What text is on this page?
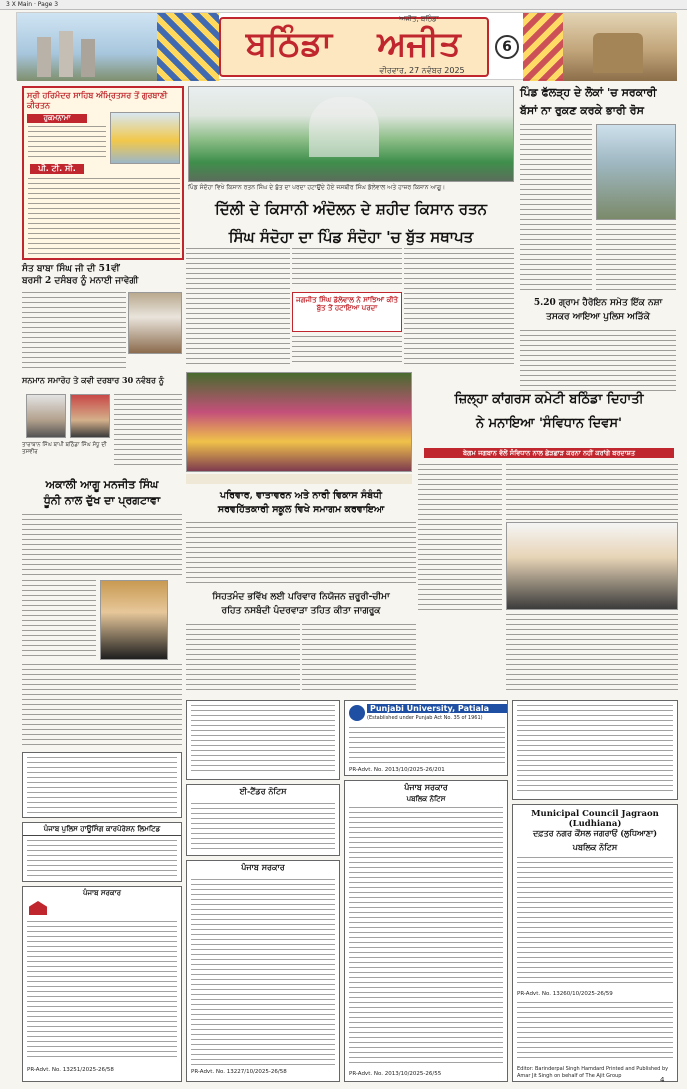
3 X Main · Page 3
ਬਠਿੰਡਾ	ਅਜੀਤ
ਅਜੀਤ, ਬਠਿੰਡਾ
ਵੀਰਵਾਰ, 27 ਨਵੰਬਰ 2025
6
ਸ੍ਰੀ ਹਰਿਮੰਦਰ ਸਾਹਿਬ ਅੰਮ੍ਰਿਤਸਰ ਤੋਂ ਗੁਰਬਾਣੀ ਕੀਰਤਨ
ਹੁਕਮਨਾਮਾ
ਪੀ. ਟੀ. ਸੀ.
ਪਿੰਡ ਸੰਦੋਹਾ ਵਿਖੇ ਕਿਸਾਨ ਰਤਨ ਸਿੰਘ ਦੇ ਬੁੱਤ ਦਾ ਪਰਦਾ ਹਟਾਉਂਦੇ ਹੋਏ ਜਸਬੀਰ ਸਿੰਘ ਡੱਲੇਵਾਲ ਅਤੇ ਹਾਜ਼ਰ ਕਿਸਾਨ ਆਗੂ।
ਦਿੱਲੀ ਦੇ ਕਿਸਾਨੀ ਅੰਦੋਲਨ ਦੇ ਸ਼ਹੀਦ ਕਿਸਾਨ ਰਤਨ
ਸਿੰਘ ਸੰਦੋਹਾ ਦਾ ਪਿੰਡ ਸੰਦੋਹਾ 'ਚ ਬੁੱਤ ਸਥਾਪਤ
ਪਿੰਡ ਫੱਲੜ੍ਹ ਦੇ ਲੋਕਾਂ 'ਚ ਸਰਕਾਰੀ
ਬੱਸਾਂ ਨਾ ਰੁਕਣ ਕਰਕੇ ਭਾਰੀ ਰੋਸ
5.20 ਗ੍ਰਾਮ ਹੈਰੋਇਨ ਸਮੇਤ ਇੱਕ ਨਸ਼ਾ
ਤਸਕਰ ਆਇਆ ਪੁਲਿਸ ਅੜਿੱਕੇ
ਸੰਤ ਬਾਬਾ ਸਿੰਘ ਜੀ ਦੀ 51ਵੀਂ
ਬਰਸੀ 2 ਦਸੰਬਰ ਨੂੰ ਮਨਾਈ ਜਾਵੇਗੀ
ਸਨਮਾਨ ਸਮਾਰੋਹ ਤੇ ਕਵੀ ਦਰਬਾਰ 30 ਨਵੰਬਰ ਨੂੰ
ਤਾਰਾਬਾਨ ਸਿੰਘ ਬਾਪੀ ਬਠਿੰਡਾ ਸਿੰਘ ਸੰਧੂ ਦੀ ਤਸਵੀਰ
ਅਕਾਲੀ ਆਗੂ ਮਨਜੀਤ ਸਿੰਘ
ਧੂੰਨੀ ਨਾਲ ਦੁੱਖ ਦਾ ਪ੍ਰਗਟਾਵਾ
ਜਗਜੀਤ ਸਿੰਘ ਡੱਲੇਵਾਲ ਨੇ ਸਾਂਝਿਆਂ ਕੀਤੇ ਬੁੱਤ ਤੋਂ ਹਟਾਇਆ ਪਰਦਾ
ਜ਼ਿਲ੍ਹਾ ਕਾਂਗਰਸ ਕਮੇਟੀ ਬਠਿੰਡਾ ਦਿਹਾਤੀ
ਨੇ ਮਨਾਇਆ 'ਸੰਵਿਧਾਨ ਦਿਵਸ'
ਬੇਗਮ ਜਗਬਾਨ ਵੱਲੋਂ ਸੰਵਿਧਾਨ ਨਾਲ ਛੇੜਛਾੜ ਕਰਨਾ ਨਹੀਂ ਕਰਾਂਗੇ ਬਰਦਾਸ਼ਤ
ਪਰਿਵਾਰ, ਵਾਤਾਵਰਨ ਅਤੇ ਨਾਰੀ ਵਿਕਾਸ ਸੰਬੰਧੀ
ਸਰਵਹਿੱਤਕਾਰੀ ਸਕੂਲ ਵਿਖੇ ਸਮਾਗਮ ਕਰਵਾਇਆ
ਸਿਹਤਮੰਦ ਭਵਿੱਖ ਲਈ ਪਰਿਵਾਰ ਨਿਯੋਜਨ ਜ਼ਰੂਰੀ-ਚੀਮਾ
ਰਹਿਤ ਨਸਬੰਦੀ ਪੰਦਰਵਾੜਾ ਤਹਿਤ ਕੀਤਾ ਜਾਗਰੂਕ
Punjabi University, Patiala
(Established under Punjab Act No. 35 of 1961)
PR-Advt. No. 2013/10/2025-26/201
ਪੰਜਾਬ ਪੁਲਿਸ ਹਾਊਸਿੰਗ ਕਾਰਪੋਰੇਸ਼ਨ ਲਿਮਟਿਡ
ਪੰਜਾਬ ਸਰਕਾਰ
PR-Advt. No. 13251/2025-26/58
ਈ-ਟੈਂਡਰ ਨੋਟਿਸ
ਪੰਜਾਬ ਸਰਕਾਰ
PR-Advt. No. 13227/10/2025-26/58
ਪੰਜਾਬ ਸਰਕਾਰ
ਪਬਲਿਕ ਨੋਟਿਸ
PR-Advt. No. 2013/10/2025-26/55
Municipal Council Jagraon (Ludhiana)
ਦਫ਼ਤਰ ਨਗਰ ਕੌਂਸਲ ਜਗਰਾਓਂ (ਲੁਧਿਆਣਾ)
ਪਬਲਿਕ ਨੋਟਿਸ
PR-Advt. No. 13260/10/2025-26/59
Editor: Barinderpal Singh Hamdard Printed and Published by Amar Jit Singh on behalf of The Ajit Group
4
